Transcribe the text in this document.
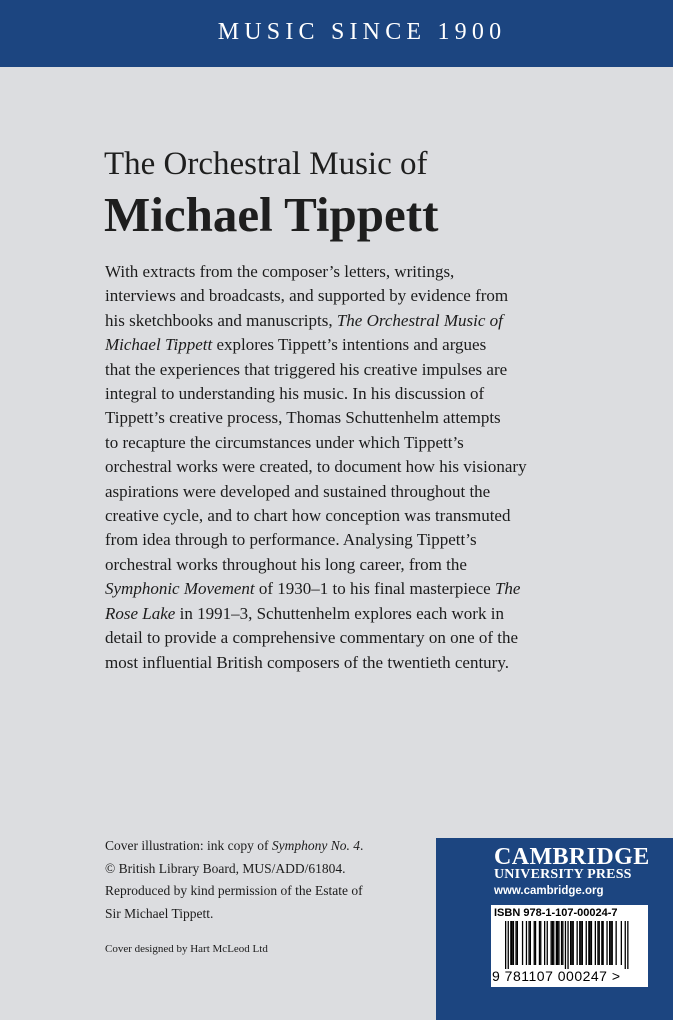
MUSIC SINCE 1900
The Orchestral Music of
Michael Tippett
With extracts from the composer’s letters, writings,
interviews and broadcasts, and supported by evidence from
his sketchbooks and manuscripts, The Orchestral Music of
Michael Tippett explores Tippett’s intentions and argues
that the experiences that triggered his creative impulses are
integral to understanding his music. In his discussion of
Tippett’s creative process, Thomas Schuttenhelm attempts
to recapture the circumstances under which Tippett’s
orchestral works were created, to document how his visionary
aspirations were developed and sustained throughout the
creative cycle, and to chart how conception was transmuted
from idea through to performance. Analysing Tippett’s
orchestral works throughout his long career, from the
Symphonic Movement of 1930–1 to his final masterpiece The
Rose Lake in 1991–3, Schuttenhelm explores each work in
detail to provide a comprehensive commentary on one of the
most influential British composers of the twentieth century.
Cover illustration: ink copy of Symphony No. 4.
© British Library Board, MUS/ADD/61804.
Reproduced by kind permission of the Estate of
Sir Michael Tippett.
Cover designed by Hart McLeod Ltd
CAMBRIDGE
UNIVERSITY PRESS
www.cambridge.org
ISBN 978-1-107-00024-7
9 781107 000247 >
